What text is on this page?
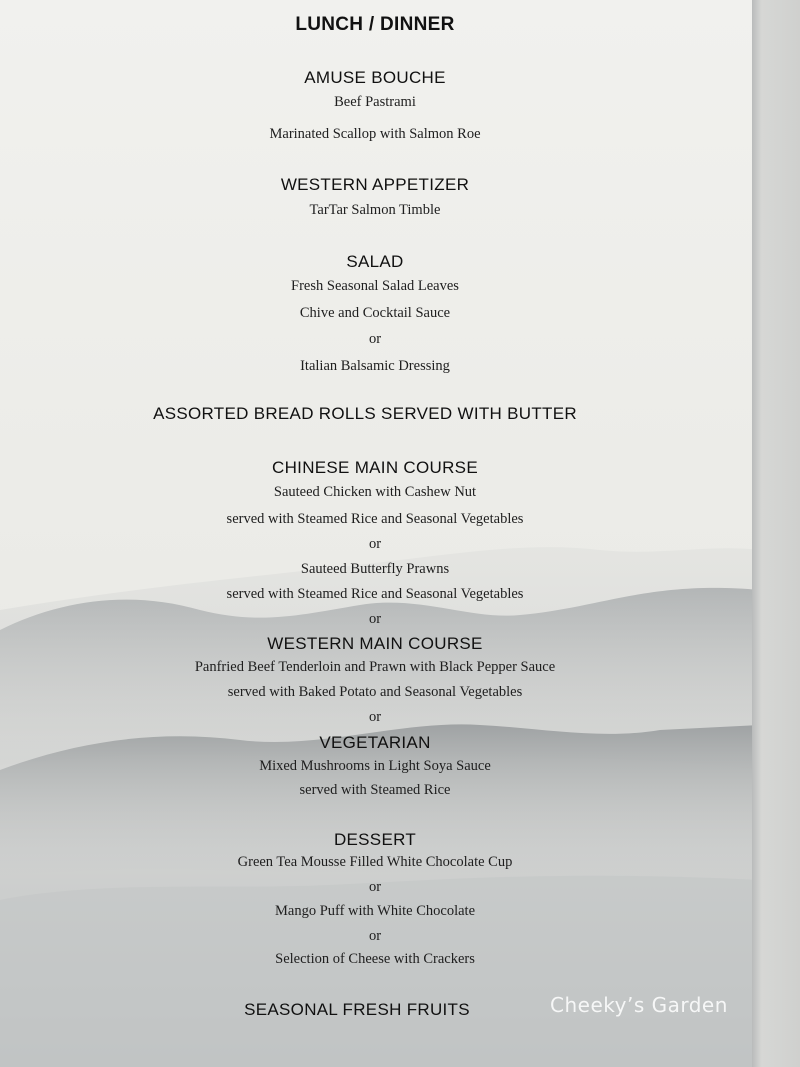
LUNCH / DINNER
AMUSE BOUCHE
Beef Pastrami
Marinated Scallop with Salmon Roe
WESTERN APPETIZER
TarTar Salmon Timble
SALAD
Fresh Seasonal Salad Leaves
Chive and Cocktail Sauce
or
Italian Balsamic Dressing
ASSORTED BREAD ROLLS SERVED WITH BUTTER
CHINESE MAIN COURSE
Sauteed Chicken with Cashew Nut
served with Steamed Rice and Seasonal Vegetables
or
Sauteed Butterfly Prawns
served with Steamed Rice and Seasonal Vegetables
or
WESTERN MAIN COURSE
Panfried Beef Tenderloin and Prawn with Black Pepper Sauce
served with Baked Potato and Seasonal Vegetables
or
VEGETARIAN
Mixed Mushrooms in Light Soya Sauce
served with Steamed Rice
DESSERT
Green Tea Mousse Filled White Chocolate Cup
or
Mango Puff with White Chocolate
or
Selection of Cheese with Crackers
SEASONAL FRESH FRUITS	Cheeky’s Garden
